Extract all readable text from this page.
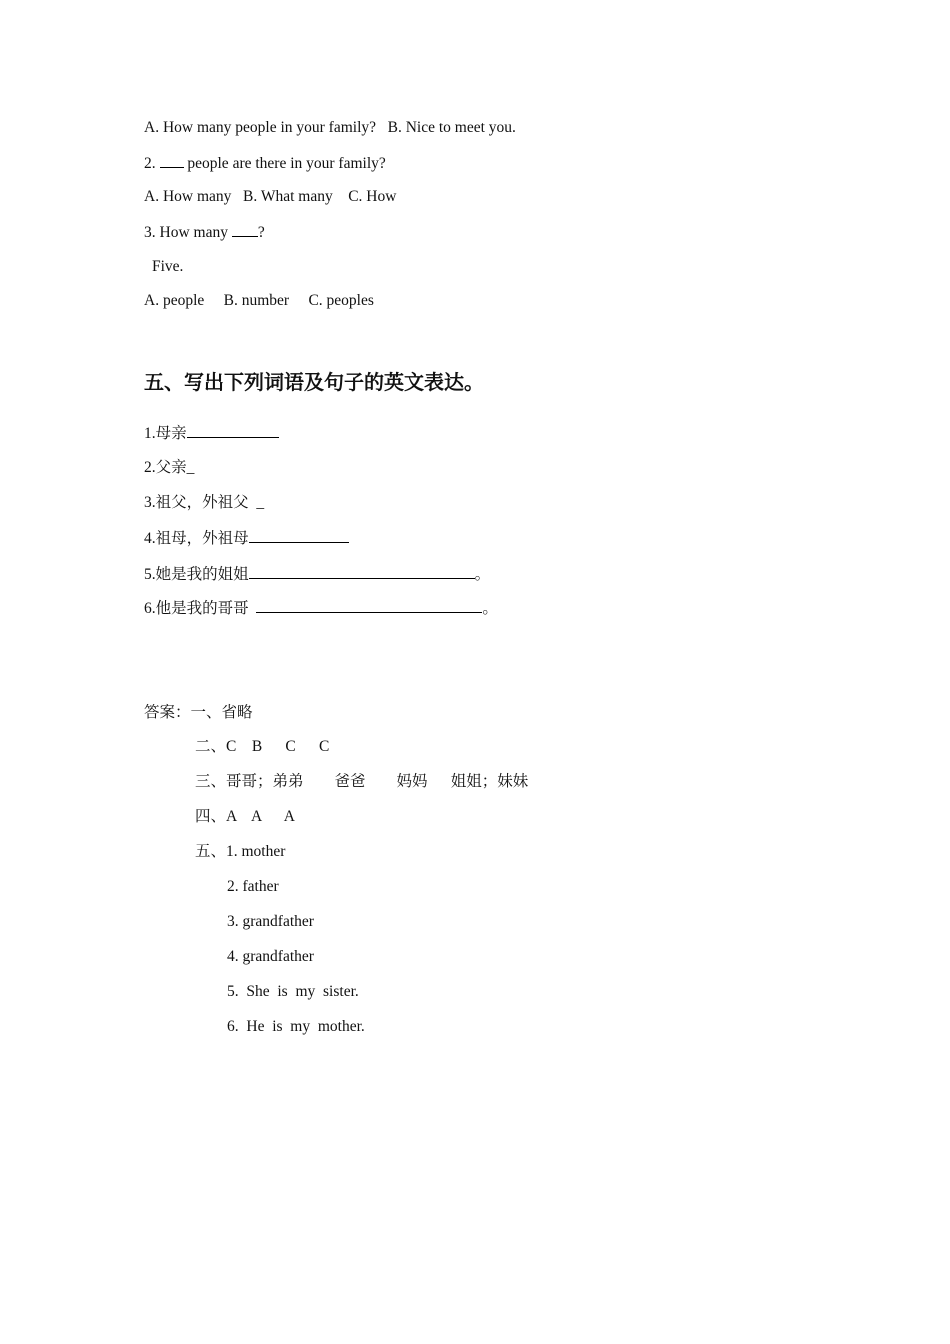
A. How many people in your family?   B. Nice to meet you.
2. people are there in your family?
A. How many   B. What many    C. How
3. How many ?
Five.
A. people     B. number     C. peoples
五、写出下列词语及句子的英文表达。
1.母亲
2.父亲_
3.祖父，外祖父  _
4.祖母，外祖母
5.她是我的姐姐	。
6.他是我的哥哥	。
答案：一、省略
二、C    B      C      C
三、哥哥；弟弟        爸爸        妈妈      姐姐；妹妹
四、A    A      A
五、1. mother
2. father
3. grandfather
4. grandfather
5.  She  is  my  sister.
6.  He  is  my  mother.
